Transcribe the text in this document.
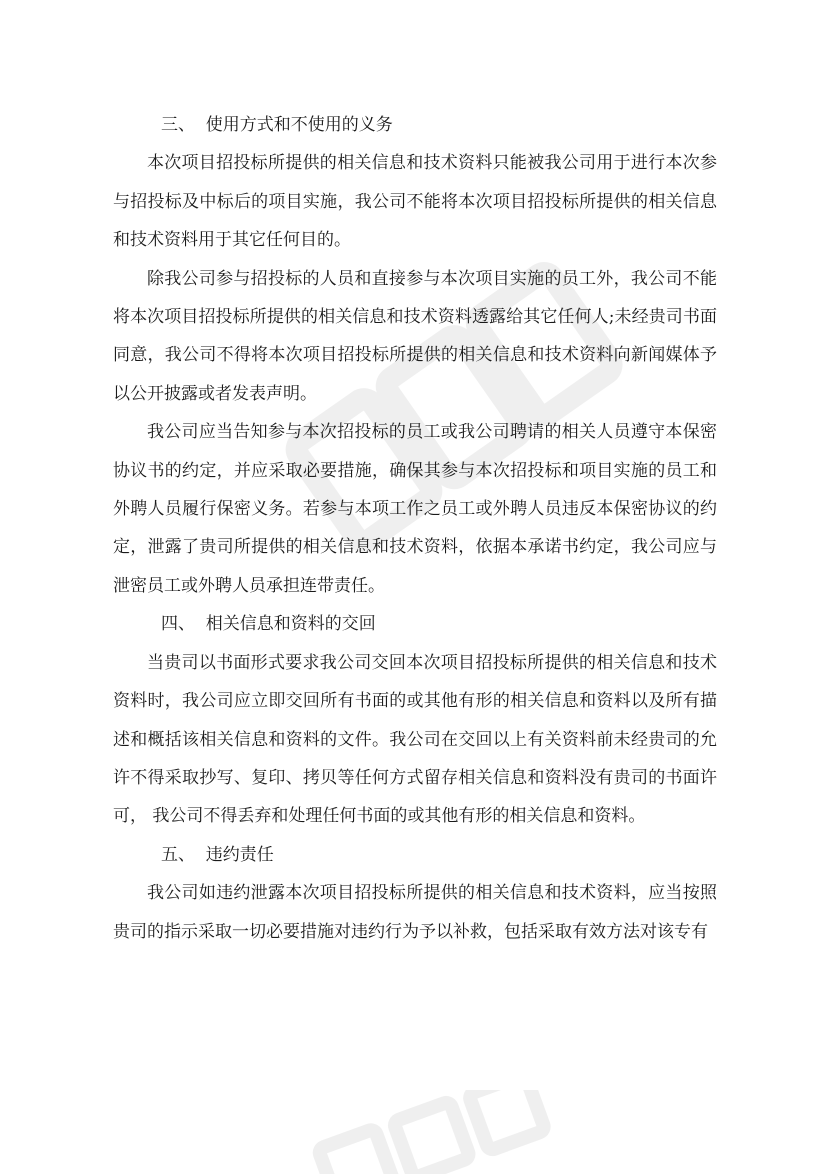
三、  使用方式和不使用的义务

本次项目招投标所提供的相关信息和技术资料只能被我公司用于进行本次参与招投标及中标后的项目实施，我公司不能将本次项目招投标所提供的相关信息和技术资料用于其它任何目的。

除我公司参与招投标的人员和直接参与本次项目实施的员工外，我公司不能将本次项目招投标所提供的相关信息和技术资料透露给其它任何人;未经贵司书面同意，我公司不得将本次项目招投标所提供的相关信息和技术资料向新闻媒体予以公开披露或者发表声明。

我公司应当告知参与本次招投标的员工或我公司聘请的相关人员遵守本保密协议书的约定，并应采取必要措施，确保其参与本次招投标和项目实施的员工和外聘人员履行保密义务。若参与本项工作之员工或外聘人员违反本保密协议的约定，泄露了贵司所提供的相关信息和技术资料，依据本承诺书约定，我公司应与泄密员工或外聘人员承担连带责任。

四、  相关信息和资料的交回

当贵司以书面形式要求我公司交回本次项目招投标所提供的相关信息和技术资料时，我公司应立即交回所有书面的或其他有形的相关信息和资料以及所有描述和概括该相关信息和资料的文件。我公司在交回以上有关资料前未经贵司的允许不得采取抄写、复印、拷贝等任何方式留存相关信息和资料没有贵司的书面许可， 我公司不得丢弃和处理任何书面的或其他有形的相关信息和资料。

五、  违约责任

我公司如违约泄露本次项目招投标所提供的相关信息和技术资料，应当按照贵司的指示采取一切必要措施对违约行为予以补救，包括采取有效方法对该专有
